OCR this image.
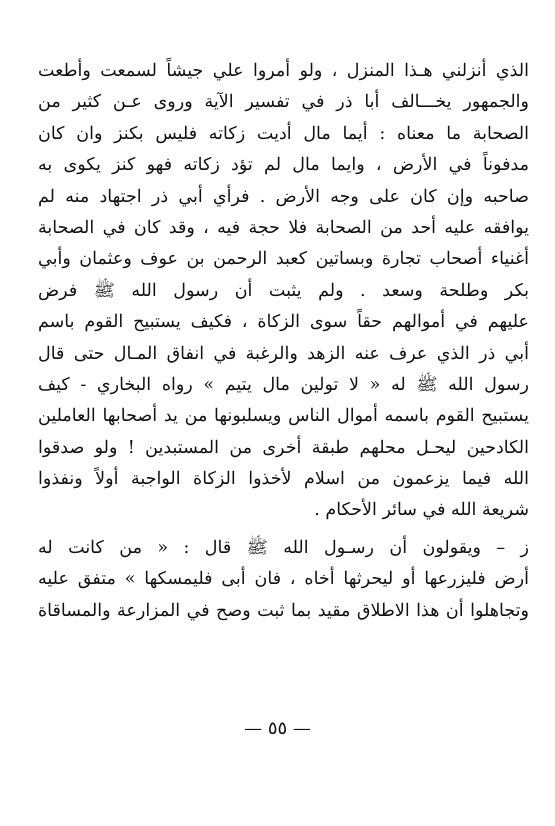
الذي أنزلني هـذا المنزل ، ولو أمروا علي جيشاً لسمعت وأطعت
والجمهور يخـــالف أبا ذر في تفسير الآية وروى عـن كثير من
الصحابة ما معناه : أيما مال أديت زكاته فليس بكنز وان كان
مدفوناً في الأرض ، وايما مال لم تؤد زكاته فهو كنز يكوى به
صاحبه وإن كان على وجه الأرض . فرأي أبي ذر اجتهاد منه لم
يوافقه عليه أحد من الصحابة فلا حجة فيه ، وقد كان في الصحابة
أغنياء أصحاب تجارة وبساتين كعبد الرحمن بن عوف وعثمان وأبي
بكر وطلحة وسعد . ولم يثبت أن رسول الله ﷺ فرض
عليهم في أموالهم حقاً سوى الزكاة ، فكيف يستبيح القوم باسم
أبي ذر الذي عرف عنه الزهد والرغبة في انفاق المـال حتى قال
رسول الله ﷺ له « لا تولين مال يتيم » رواه البخاري - كيف
يستبيح القوم باسمه أموال الناس ويسلبونها من يد أصحابها العاملين
الكادحين ليحـل محلهم طبقة أخرى من المستبدين ! ولو صدقوا
الله فيما يزعمون من اسلام لأخذوا الزكاة الواجبة أولاً ونفذوا
شريعة الله في سائر الأحكام .
ز – ويقولون أن رسـول الله ﷺ قال : « من كانت له
أرض فليزرعها أو ليحرثها أخاه ، فان أبى فليمسكها » متفق عليه
وتجاهلوا أن هذا الاطلاق مقيد بما ثبت وصح في المزارعة والمساقاة
— ٥٥ —
